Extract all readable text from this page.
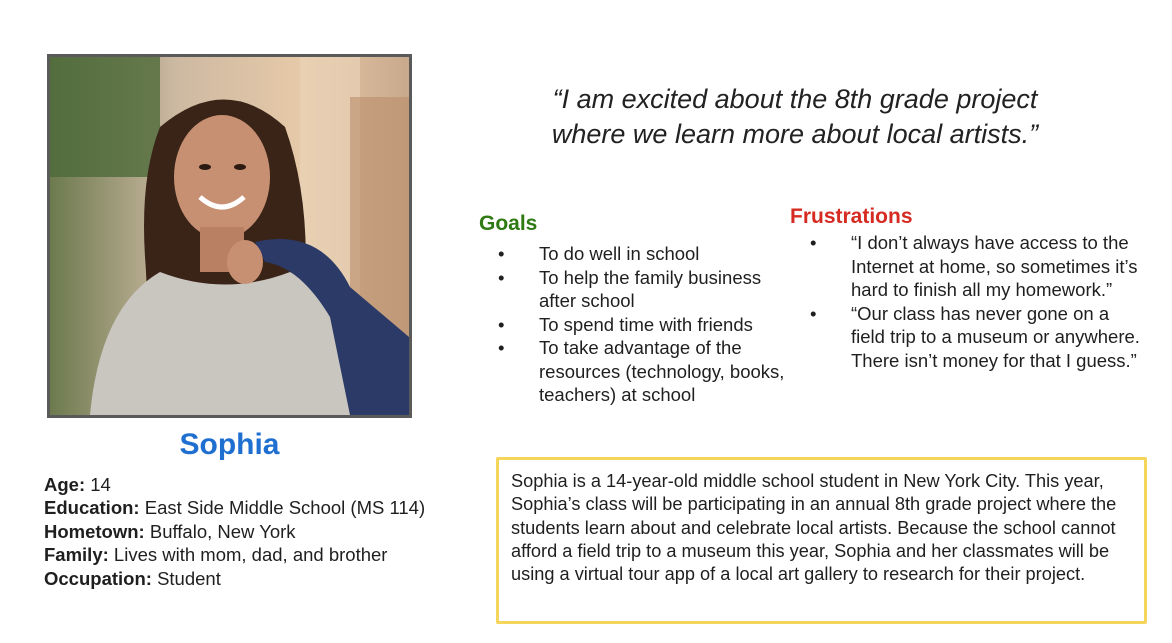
Sophia
Age: 14
Education: East Side Middle School (MS 114)
Hometown: Buffalo, New York
Family: Lives with mom, dad, and brother
Occupation: Student
“I am excited about the 8th grade project
where we learn more about local artists.”
Goals
• To do well in school
• To help the family business after school
• To spend time with friends
• To take advantage of the resources (technology, books, teachers) at school
Frustrations
• “I don’t always have access to the Internet at home, so sometimes it’s hard to finish all my homework.”
• “Our class has never gone on a field trip to a museum or anywhere. There isn’t money for that I guess.”
Sophia is a 14-year-old middle school student in New York City. This year, Sophia’s class will be participating in an annual 8th grade project where the students learn about and celebrate local artists. Because the school cannot afford a field trip to a museum this year, Sophia and her classmates will be using a virtual tour app of a local art gallery to research for their project.
